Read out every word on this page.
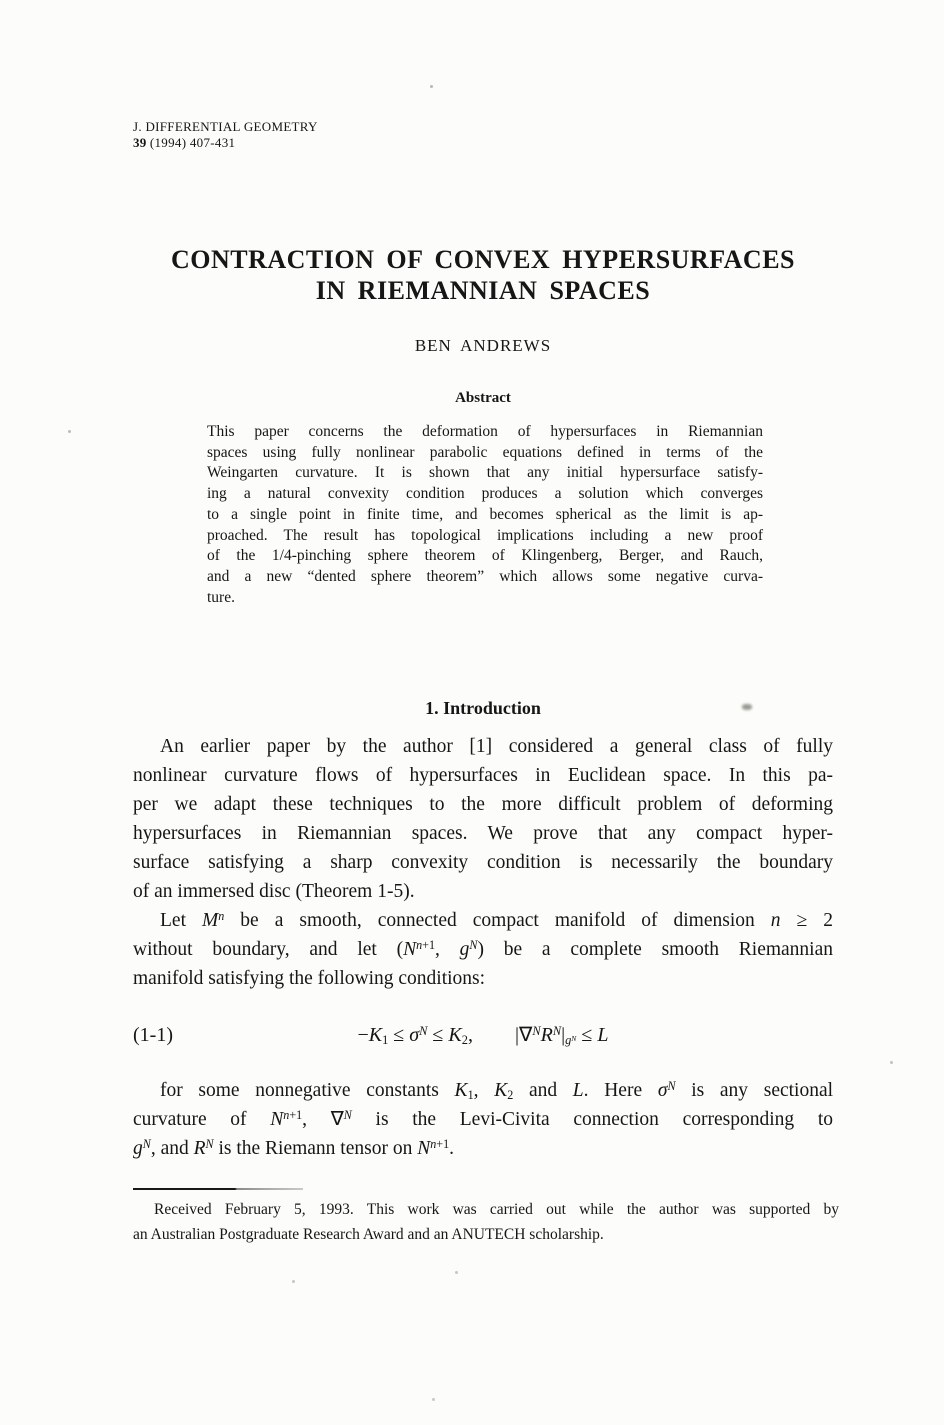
J. DIFFERENTIAL GEOMETRY
39 (1994) 407-431
CONTRACTION OF CONVEX HYPERSURFACES
IN RIEMANNIAN SPACES
BEN ANDREWS
Abstract
This paper concerns the deformation of hypersurfaces in Riemannian
spaces using fully nonlinear parabolic equations defined in terms of the
Weingarten curvature. It is shown that any initial hypersurface satisfy-
ing a natural convexity condition produces a solution which converges
to a single point in finite time, and becomes spherical as the limit is ap-
proached. The result has topological implications including a new proof
of the 1/4-pinching sphere theorem of Klingenberg, Berger, and Rauch,
and a new “dented sphere theorem” which allows some negative curva-
ture.
1. Introduction
An earlier paper by the author [1] considered a general class of fully
nonlinear curvature flows of hypersurfaces in Euclidean space. In this pa-
per we adapt these techniques to the more difficult problem of deforming
hypersurfaces in Riemannian spaces. We prove that any compact hyper-
surface satisfying a sharp convexity condition is necessarily the boundary
of an immersed disc (Theorem 1-5).
Let $M^n$ be a smooth, connected compact manifold of dimension n ≥ 2
without boundary, and let ($N^{n+1}$, $g^N$) be a complete smooth Riemannian
manifold satisfying the following conditions:
(1-1)	$-K_1 \le \sigma^N \le K_2$, $|\nabla^NR^N|_{g^N} \le L$
for some nonnegative constants $K_1$, $K_2$ and L. Here $\sigma^N$ is any sectional
curvature of $N^{n+1}$, ∇$^N$ is the Levi-Civita connection corresponding to
$g^N$, and $R^N$ is the Riemann tensor on $N^{n+1}$.
Received February 5, 1993. This work was carried out while the author was supported by
an Australian Postgraduate Research Award and an ANUTECH scholarship.
